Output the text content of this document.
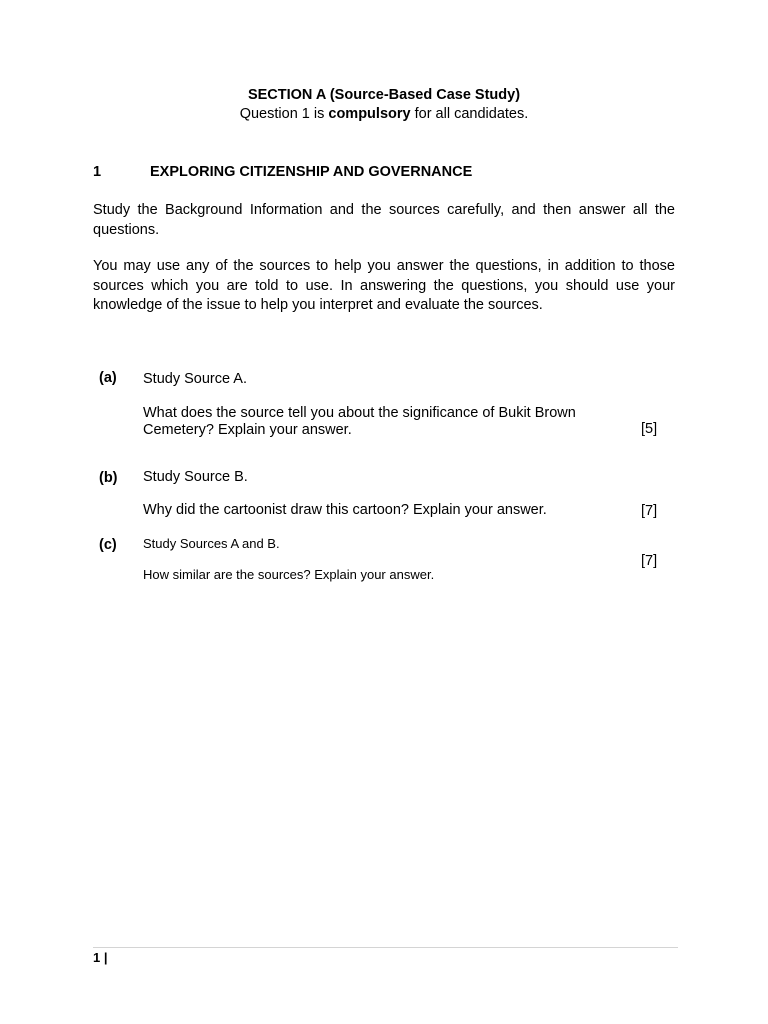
SECTION A (Source-Based Case Study)
Question 1 is compulsory for all candidates.
1	EXPLORING CITIZENSHIP AND GOVERNANCE
Study the Background Information and the sources carefully, and then answer all the questions.
You may use any of the sources to help you answer the questions, in addition to those sources which you are told to use. In answering the questions, you should use your knowledge of the issue to help you interpret and evaluate the sources.
(a) Study Source A.
What does the source tell you about the significance of Bukit Brown
Cemetery? Explain your answer.	[5]
(b) Study Source B.
Why did the cartoonist draw this cartoon? Explain your answer.	[7]
(c) Study Sources A and B.
[7]
How similar are the sources? Explain your answer.
1 |
